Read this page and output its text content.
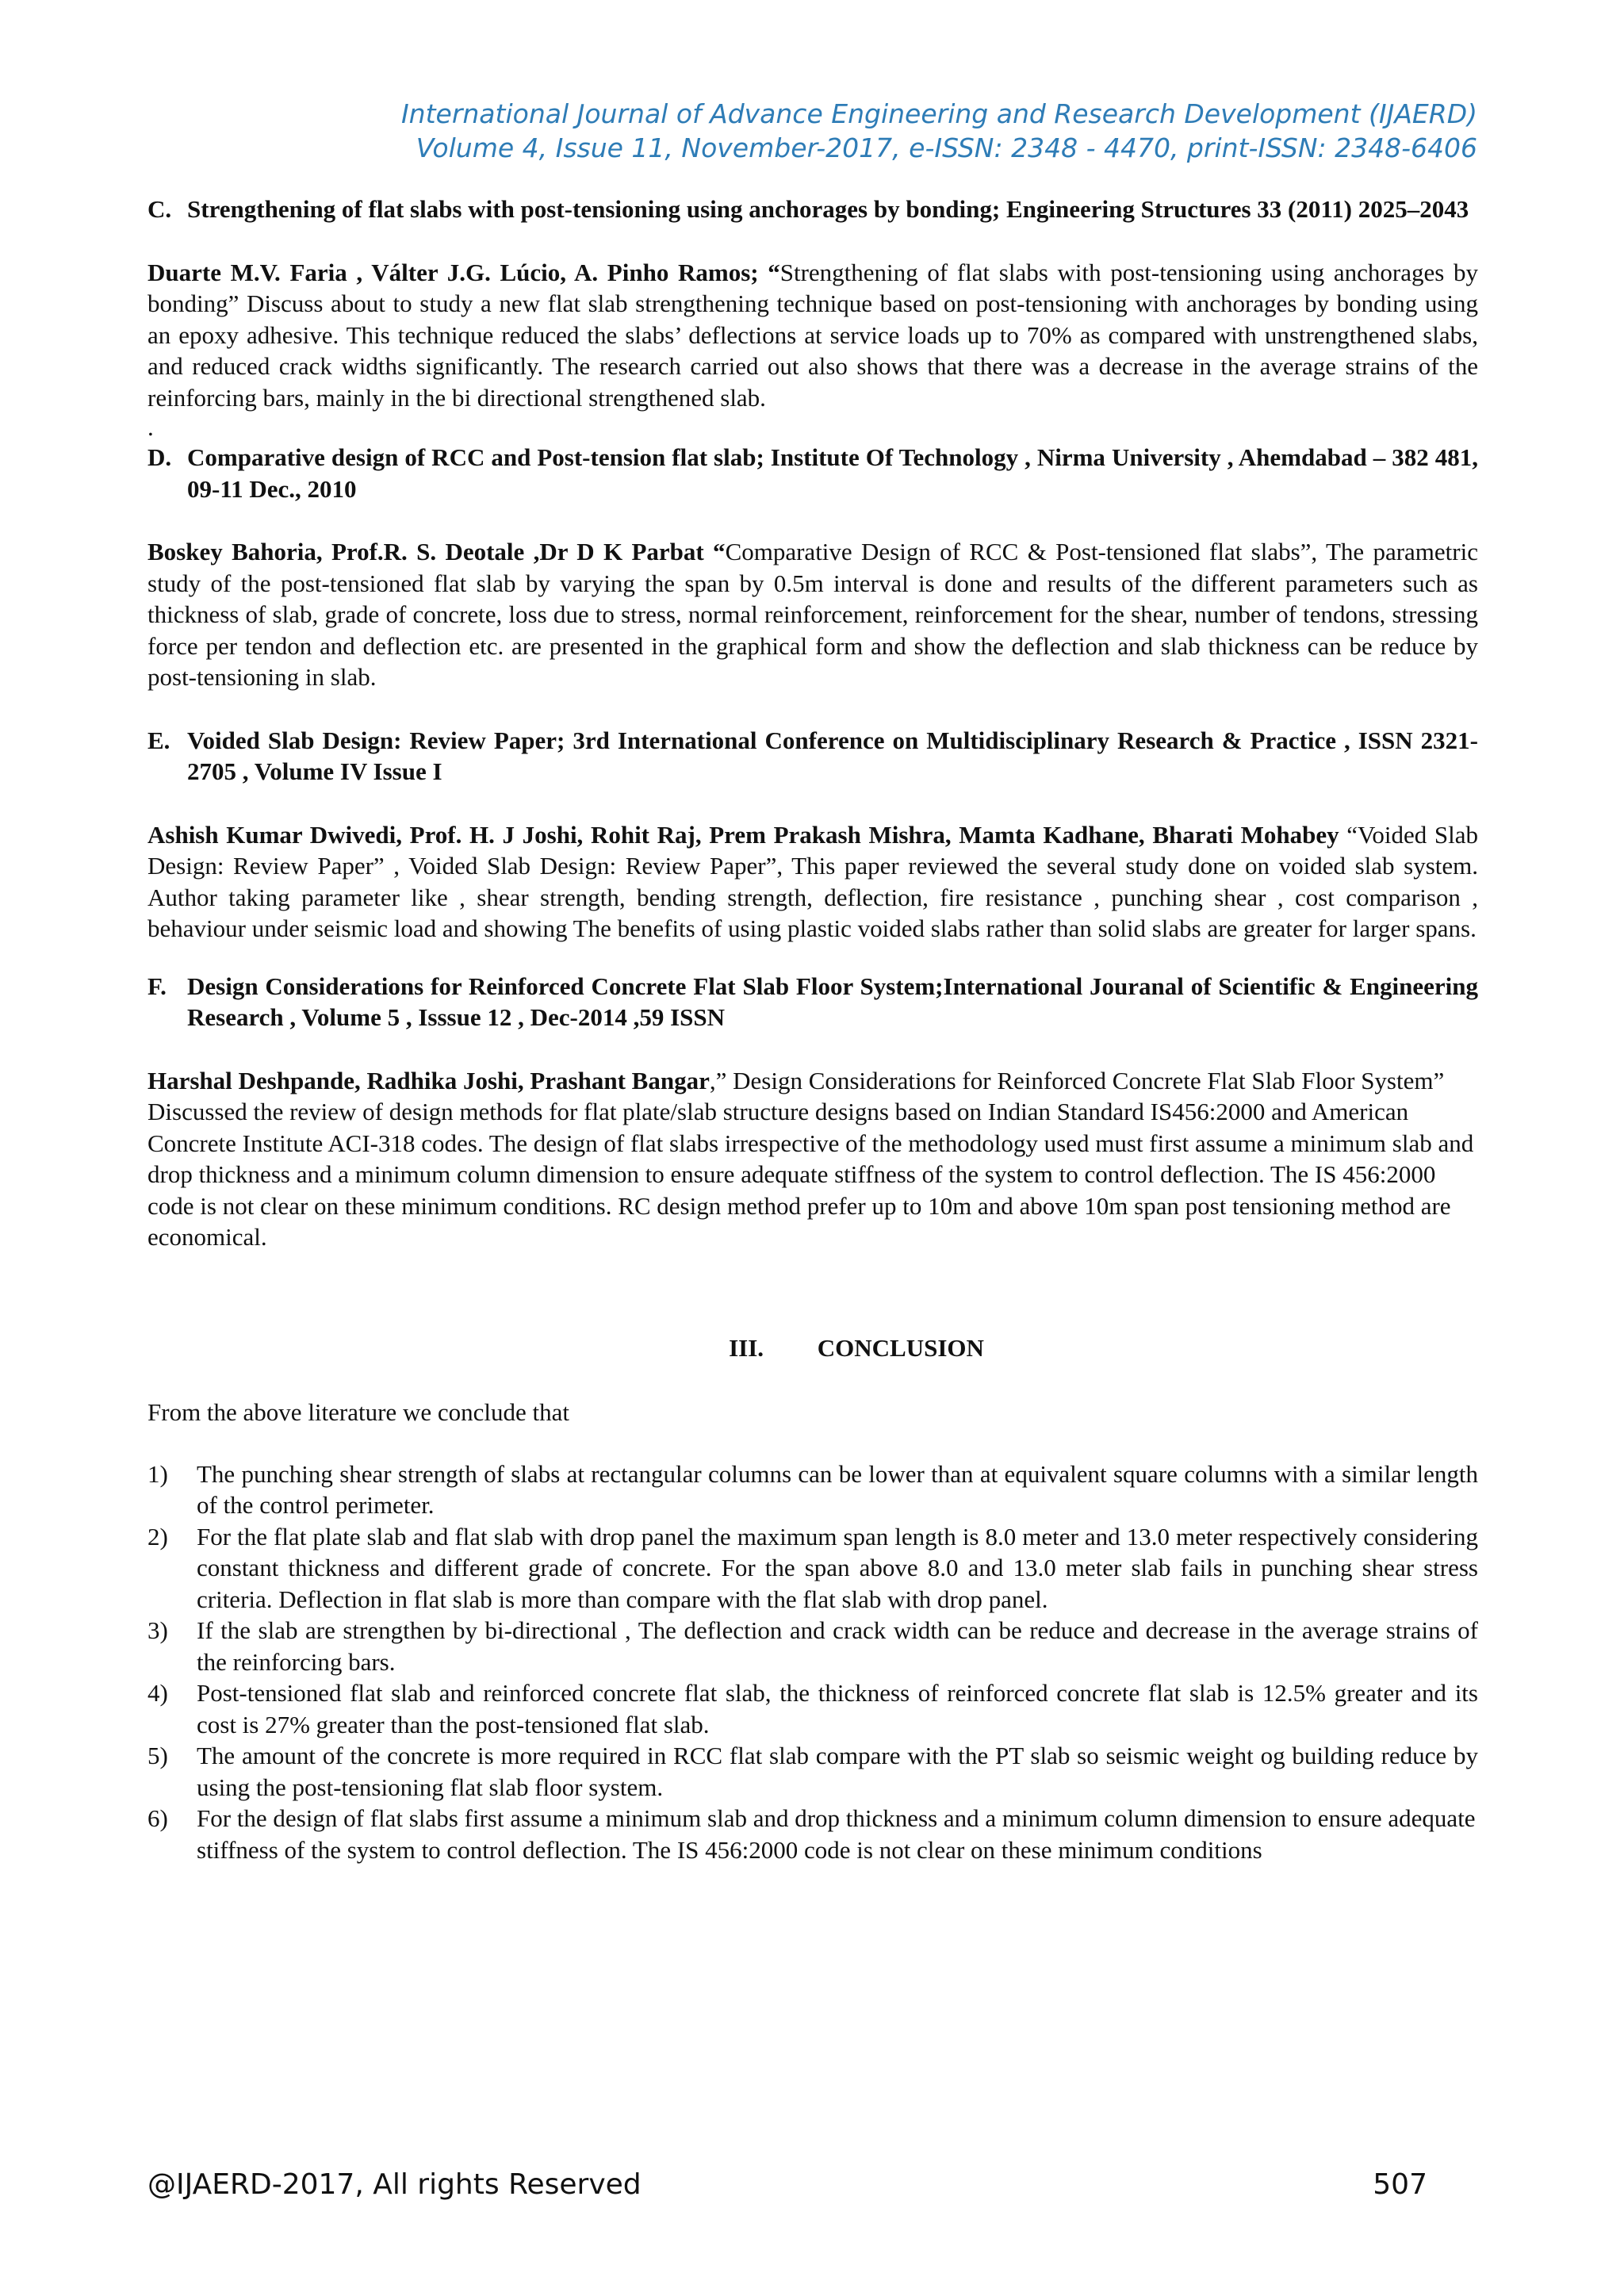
International Journal of Advance Engineering and Research Development (IJAERD)
Volume 4, Issue 11, November-2017, e-ISSN: 2348 - 4470, print-ISSN: 2348-6406
C. Strengthening of flat slabs with post-tensioning using anchorages by bonding; Engineering Structures 33 (2011) 2025–2043

Duarte M.V. Faria , Válter J.G. Lúcio, A. Pinho Ramos; “Strengthening of flat slabs with post-tensioning using anchorages by bonding” Discuss about to study a new flat slab strengthening technique based on post-tensioning with anchorages by bonding using an epoxy adhesive. This technique reduced the slabs’ deflections at service loads up to 70% as compared with unstrengthened slabs, and reduced crack widths significantly. The research carried out also shows that there was a decrease in the average strains of the reinforcing bars, mainly in the bi directional strengthened slab.

.
D. Comparative design of RCC and Post-tension flat slab; Institute Of Technology , Nirma University , Ahemdabad – 382 481, 09-11 Dec., 2010

Boskey Bahoria, Prof.R. S. Deotale ,Dr D K Parbat “Comparative Design of RCC & Post-tensioned flat slabs”, The parametric study of the post-tensioned flat slab by varying the span by 0.5m interval is done and results of the different parameters such as thickness of slab, grade of concrete, loss due to stress, normal reinforcement, reinforcement for the shear, number of tendons, stressing force per tendon and deflection etc. are presented in the graphical form and show the deflection and slab thickness can be reduce by post-tensioning in slab.

E. Voided Slab Design: Review Paper; 3rd International Conference on Multidisciplinary Research & Practice , ISSN 2321-2705 , Volume IV Issue I

Ashish Kumar Dwivedi, Prof. H. J Joshi, Rohit Raj, Prem Prakash Mishra, Mamta Kadhane, Bharati Mohabey “Voided Slab Design: Review Paper” , Voided Slab Design: Review Paper”, This paper reviewed the several study done on voided slab system. Author taking parameter like , shear strength, bending strength, deflection, fire resistance , punching shear , cost comparison , behaviour under seismic load and showing The benefits of using plastic voided slabs rather than solid slabs are greater for larger spans.

F. Design Considerations for Reinforced Concrete Flat Slab Floor System;International Jouranal of Scientific & Engineering Research , Volume 5 , Isssue 12 , Dec-2014 ,59 ISSN

Harshal Deshpande, Radhika Joshi, Prashant Bangar,” Design Considerations for Reinforced Concrete Flat Slab Floor System” Discussed the review of design methods for flat plate/slab structure designs based on Indian Standard IS456:2000 and American Concrete Institute ACI-318 codes. The design of flat slabs irrespective of the methodology used must first assume a minimum slab and drop thickness and a minimum column dimension to ensure adequate stiffness of the system to control deflection. The IS 456:2000 code is not clear on these minimum conditions. RC design method prefer up to 10m and above 10m span post tensioning method are economical.

III. CONCLUSION
From the above literature we conclude that
1)	The punching shear strength of slabs at rectangular columns can be lower than at equivalent square columns with a similar length of the control perimeter.
2)	For the flat plate slab and flat slab with drop panel the maximum span length is 8.0 meter and 13.0 meter respectively considering constant thickness and different grade of concrete. For the span above 8.0 and 13.0 meter slab fails in punching shear stress criteria. Deflection in flat slab is more than compare with the flat slab with drop panel.
3)	If the slab are strengthen by bi-directional , The deflection and crack width can be reduce and decrease in the average strains of the reinforcing bars.
4)	Post-tensioned flat slab and reinforced concrete flat slab, the thickness of reinforced concrete flat slab is 12.5% greater and its cost is 27% greater than the post-tensioned flat slab.
5)	The amount of the concrete is more required in RCC flat slab compare with the PT slab so seismic weight og building reduce by using the post-tensioning flat slab floor system.
6)	For the design of flat slabs first assume a minimum slab and drop thickness and a minimum column dimension to ensure adequate stiffness of the system to control deflection. The IS 456:2000 code is not clear on these minimum conditions
@IJAERD-2017, All rights Reserved	507
